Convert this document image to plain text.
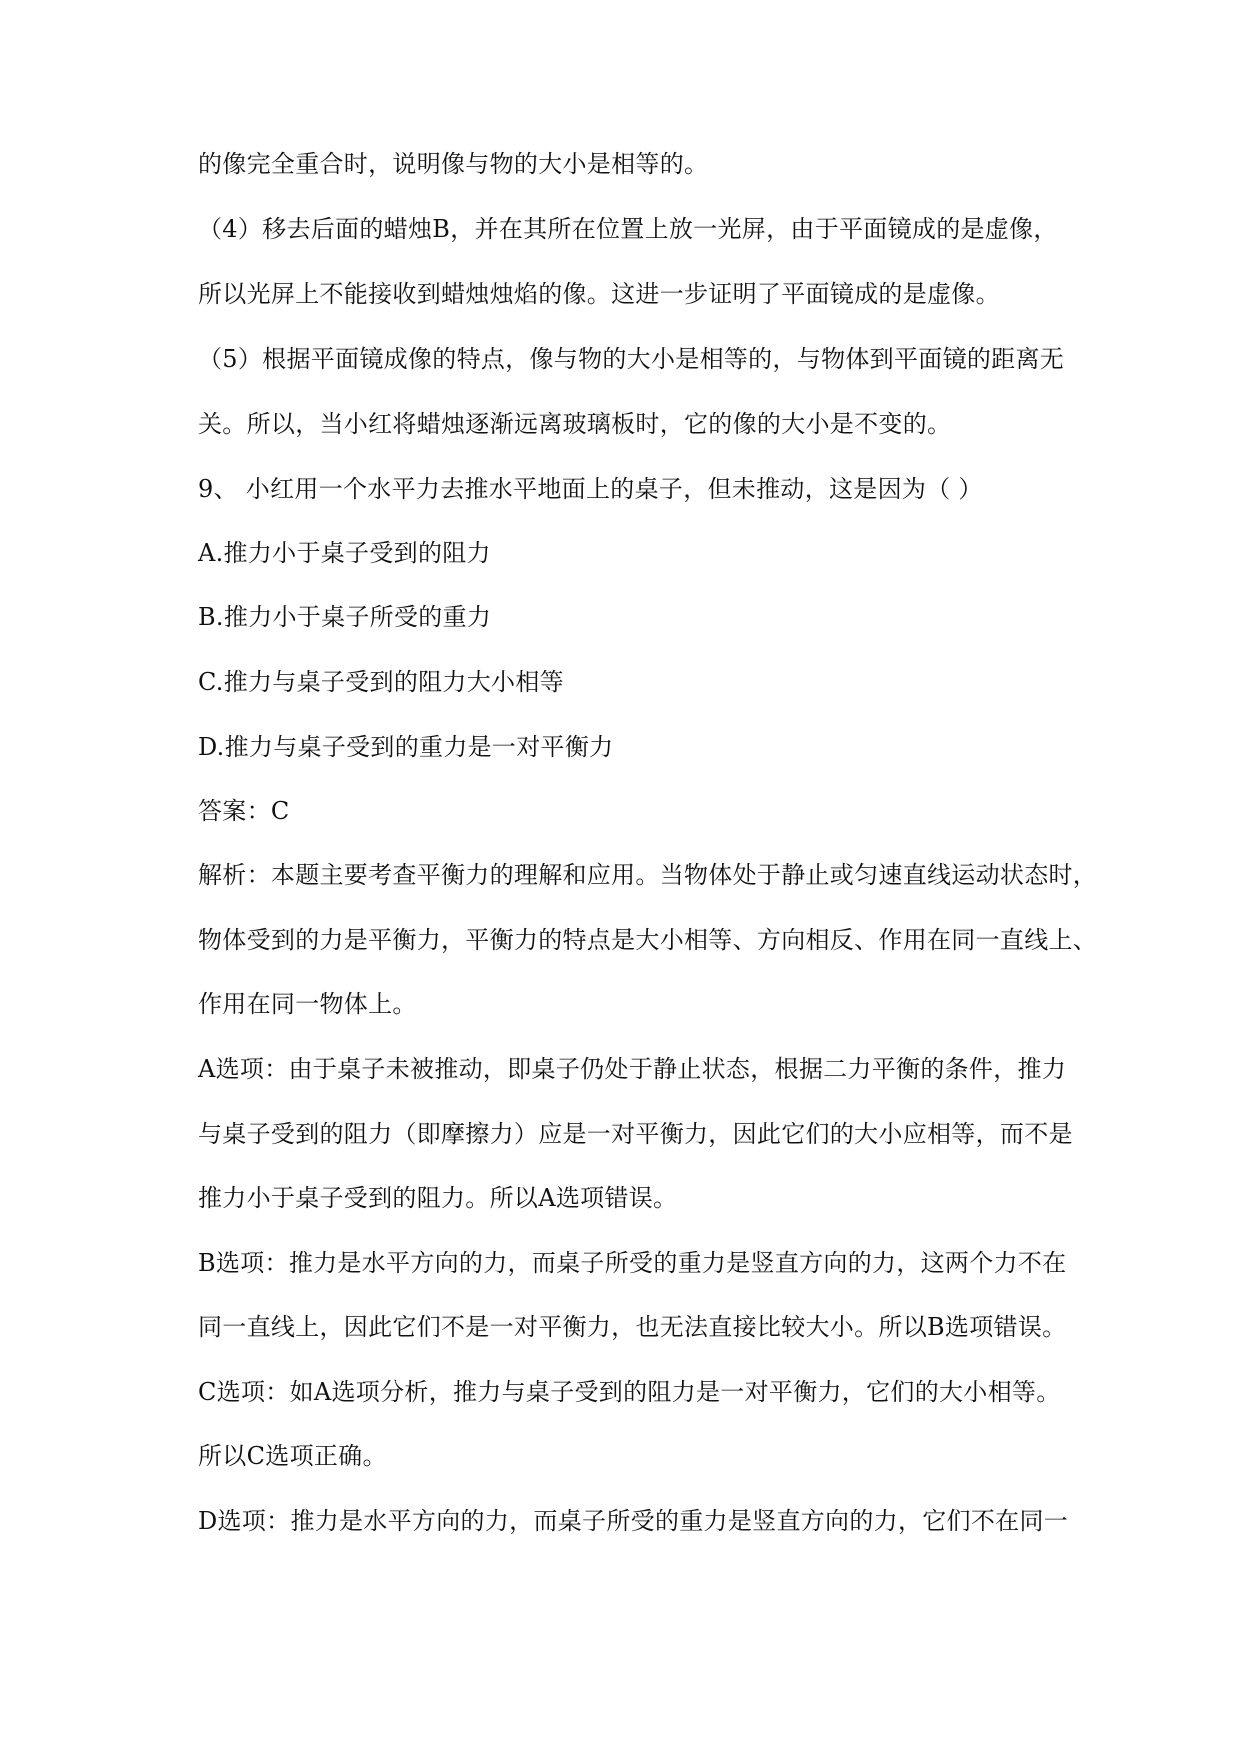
的像完全重合时，说明像与物的大小是相等的。
（4）移去后面的蜡烛B，并在其所在位置上放一光屏，由于平面镜成的是虚像，
所以光屏上不能接收到蜡烛烛焰的像。这进一步证明了平面镜成的是虚像。
（5）根据平面镜成像的特点，像与物的大小是相等的，与物体到平面镜的距离无
关。所以，当小红将蜡烛逐渐远离玻璃板时，它的像的大小是不变的。
9、 小红用一个水平力去推水平地面上的桌子，但未推动，这是因为（ ）
A.推力小于桌子受到的阻力
B.推力小于桌子所受的重力
C.推力与桌子受到的阻力大小相等
D.推力与桌子受到的重力是一对平衡力
答案：C
解析：本题主要考查平衡力的理解和应用。当物体处于静止或匀速直线运动状态时，
物体受到的力是平衡力，平衡力的特点是大小相等、方向相反、作用在同一直线上、
作用在同一物体上。
A选项：由于桌子未被推动，即桌子仍处于静止状态，根据二力平衡的条件，推力
与桌子受到的阻力（即摩擦力）应是一对平衡力，因此它们的大小应相等，而不是
推力小于桌子受到的阻力。所以A选项错误。
B选项：推力是水平方向的力，而桌子所受的重力是竖直方向的力，这两个力不在
同一直线上，因此它们不是一对平衡力，也无法直接比较大小。所以B选项错误。
C选项：如A选项分析，推力与桌子受到的阻力是一对平衡力，它们的大小相等。
所以C选项正确。
D选项：推力是水平方向的力，而桌子所受的重力是竖直方向的力，它们不在同一
